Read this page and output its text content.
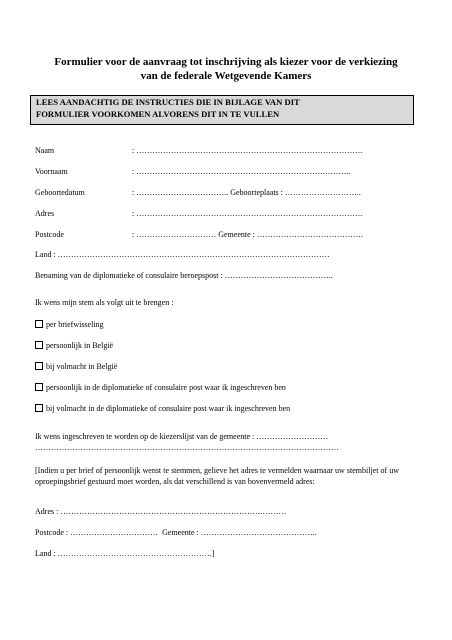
Formulier voor de aanvraag tot inschrijving als kiezer voor de verkiezing
van de federale Wetgevende Kamers
LEES AANDACHTIG DE INSTRUCTIES DIE IN BIJLAGE VAN DIT
FORMULIER VOORKOMEN ALVORENS DIT IN TE VULLEN
Naam	: ………………………………………………………………………….
Voornaam	: …………………………………………………………….………..
Geboortedatum	: …………………………….. Geboorteplaats : ………………………..
Adres	: ………………………………………………………………………….
Postcode	: ………………………… Gemeente : ………………………………….
Land : …………………………………………………………………………………………
Benaming van de diplomatieke of consulaire beroepspost : …………………………………..
Ik wens mijn stem als volgt uit te brengen :
per briefwisseling
persoonlijk in België
bij volmacht in België
persoonlijk in de diplomatieke of consulaire post waar ik ingeschreven ben
bij volmacht in de diplomatieke of consulaire post waar ik ingeschreven ben
Ik wens ingeschreven te worden op de kiezerslijst van de gemeente : ………………………
……………………………………………………………………………………………………
[Indien u per brief of persoonlijk wenst te stemmen, gelieve het adres te vermelden waarnaar uw stembiljet of uw oproepingsbrief gestuurd moet worden, als dat verschillend is van bovenvermeld adres:
Adres : ………………………………………………………………….………
Postcode : ……………………………  Gemeente : ……………………………………..
Land : ………………………………………………….]
